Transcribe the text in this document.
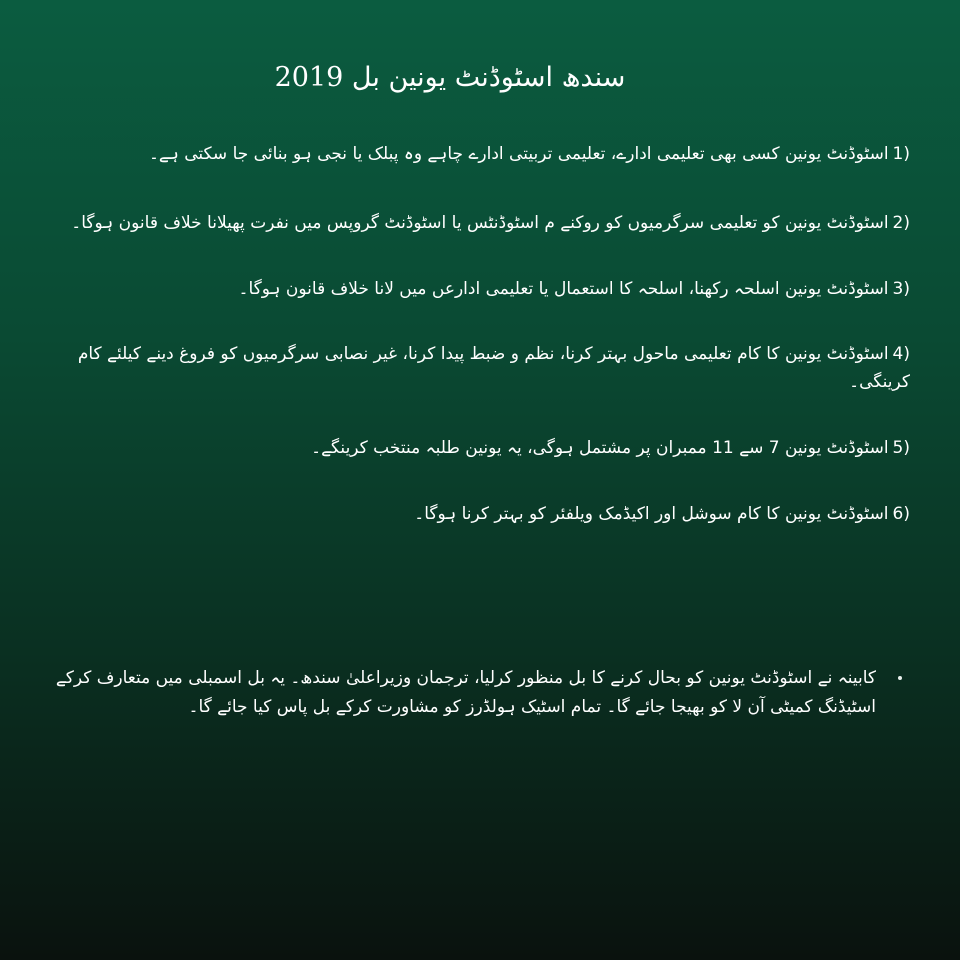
سندھ اسٹوڈنٹ یونین بل 2019

1)اسٹوڈنٹ یونین کسی بھی تعلیمی ادارے، تعلیمی تربیتی ادارے چاہے وہ پبلک یا نجی ہو بنائی جا سکتی ہے۔

2)اسٹوڈنٹ یونین کو تعلیمی سرگرمیوں کو روکنے م اسٹوڈنٹس یا اسٹوڈنٹ گروپس میں نفرت پھیلانا خلاف قانون ہوگا۔

3)اسٹوڈنٹ یونین اسلحہ رکھنا، اسلحہ کا استعمال یا تعلیمی ادارعں میں لانا خلاف قانون ہوگا۔

4)اسٹوڈنٹ یونین کا کام تعلیمی ماحول بہتر کرنا، نظم و ضبط پیدا کرنا، غیر نصابی سرگرمیوں کو فروغ دینے کیلئے کام کرینگی۔

5)اسٹوڈنٹ یونین 7 سے 11 ممبران پر مشتمل ہوگی، یہ یونین طلبہ منتخب کرینگے۔

6)اسٹوڈنٹ یونین کا کام سوشل اور اکیڈمک ویلفئر کو بہتر کرنا ہوگا۔

کابینہ نے اسٹوڈنٹ یونین کو بحال کرنے کا بل منظور کرلیا، ترجمان وزیراعلیٰ سندھ۔ یہ بل اسمبلی میں متعارف کرکے اسٹیڈنگ کمیٹی آن لا کو بھیجا جائے گا۔ تمام اسٹیک ہولڈرز کو مشاورت کرکے بل پاس کیا جائے گا۔
